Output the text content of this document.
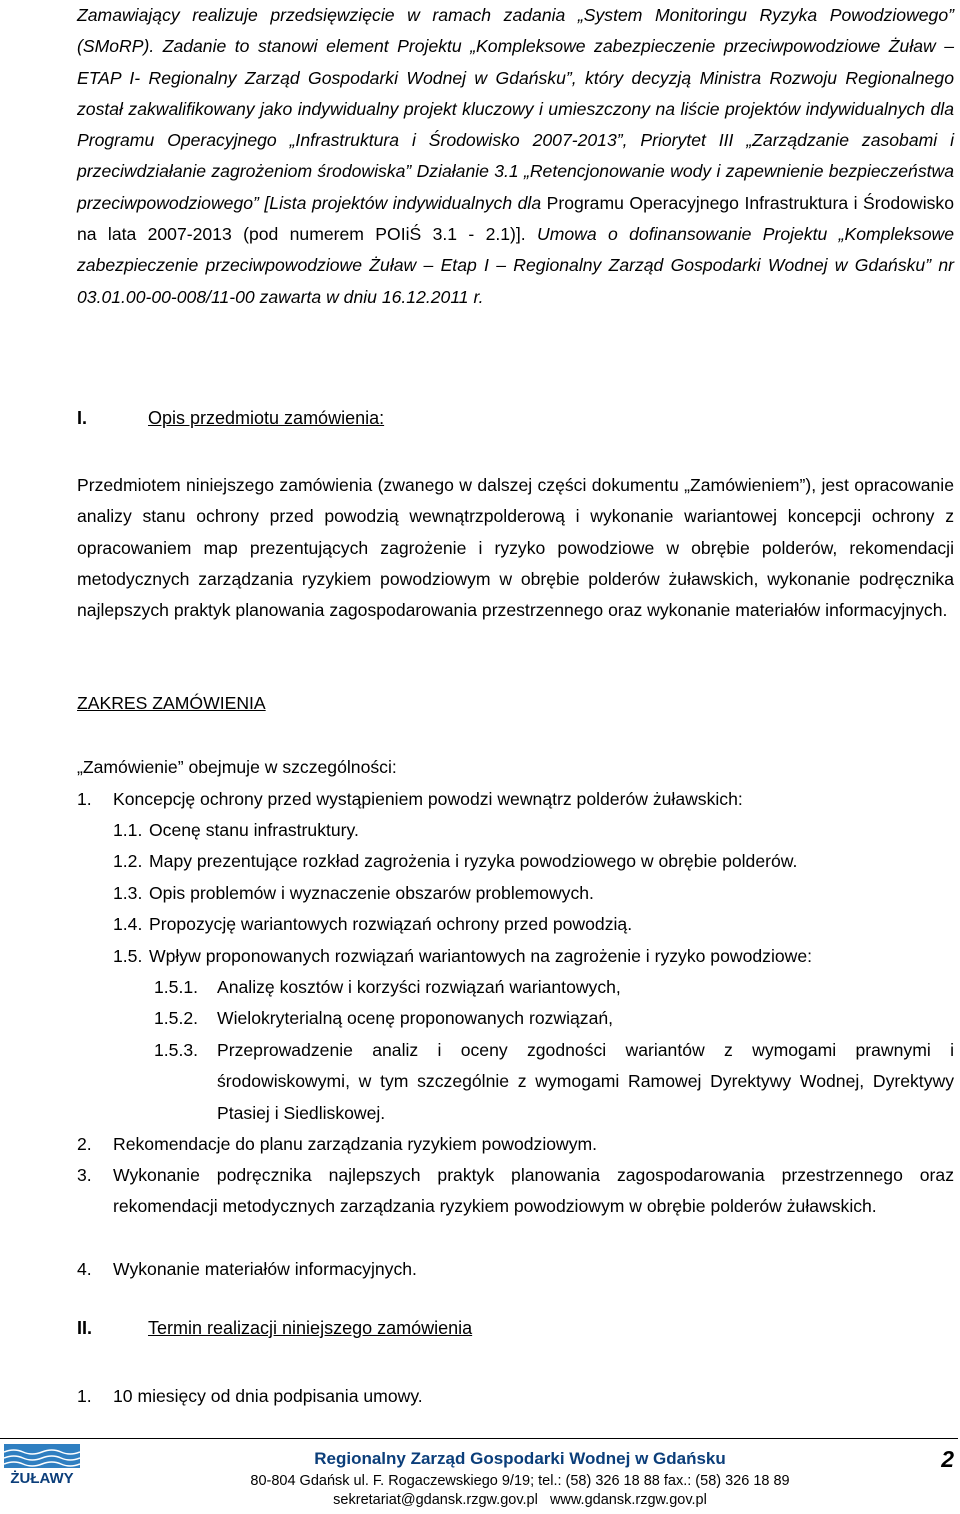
Zamawiający realizuje przedsięwzięcie w ramach zadania „System Monitoringu Ryzyka Powodziowego” (SMoRP). Zadanie to stanowi element Projektu „Kompleksowe zabezpieczenie przeciwpowodziowe Żuław – ETAP I- Regionalny Zarząd Gospodarki Wodnej w Gdańsku”, który decyzją Ministra Rozwoju Regionalnego został zakwalifikowany jako indywidualny projekt kluczowy i umieszczony na liście projektów indywidualnych dla Programu Operacyjnego „Infrastruktura i Środowisko 2007-2013”, Priorytet III „Zarządzanie zasobami i przeciwdziałanie zagrożeniom środowiska” Działanie 3.1 „Retencjonowanie wody i zapewnienie bezpieczeństwa przeciwpowodziowego” [Lista projektów indywidualnych dla Programu Operacyjnego Infrastruktura i Środowisko na lata 2007-2013 (pod numerem POIiŚ 3.1 - 2.1)]. Umowa o dofinansowanie Projektu „Kompleksowe zabezpieczenie przeciwpowodziowe Żuław – Etap I – Regionalny Zarząd Gospodarki Wodnej w Gdańsku” nr 03.01.00-00-008/11-00 zawarta w dniu 16.12.2011 r.

I.	Opis przedmiotu zamówienia:

Przedmiotem niniejszego zamówienia (zwanego w dalszej części dokumentu „Zamówieniem”), jest opracowanie analizy stanu ochrony przed powodzią wewnątrzpolderową i wykonanie wariantowej koncepcji ochrony z opracowaniem map prezentujących zagrożenie i ryzyko powodziowe w obrębie polderów, rekomendacji metodycznych zarządzania ryzykiem powodziowym w obrębie polderów żuławskich, wykonanie podręcznika najlepszych praktyk planowania zagospodarowania przestrzennego oraz wykonanie materiałów informacyjnych.

ZAKRES ZAMÓWIENIA
„Zamówienie” obejmuje w szczególności:
1. Koncepcję ochrony przed wystąpieniem powodzi wewnątrz polderów żuławskich:
1.1. Ocenę stanu infrastruktury.
1.2. Mapy prezentujące rozkład zagrożenia i ryzyka powodziowego w obrębie polderów.
1.3. Opis problemów i wyznaczenie obszarów problemowych.
1.4. Propozycję wariantowych rozwiązań ochrony przed powodzią.
1.5. Wpływ proponowanych rozwiązań wariantowych na zagrożenie i ryzyko powodziowe:
1.5.1. Analizę kosztów i korzyści rozwiązań wariantowych,
1.5.2. Wielokryterialną ocenę proponowanych rozwiązań,
1.5.3. Przeprowadzenie analiz i oceny zgodności wariantów z wymogami prawnymi i środowiskowymi, w tym szczególnie z wymogami Ramowej Dyrektywy Wodnej, Dyrektywy Ptasiej i Siedliskowej.
2. Rekomendacje do planu zarządzania ryzykiem powodziowym.
3. Wykonanie podręcznika najlepszych praktyk planowania zagospodarowania przestrzennego oraz rekomendacji metodycznych zarządzania ryzykiem powodziowym w obrębie polderów żuławskich.
4. Wykonanie materiałów informacyjnych.
II.	Termin realizacji niniejszego zamówienia
1. 10 miesięcy od dnia podpisania umowy.
ŻUŁAWY
Regionalny Zarząd Gospodarki Wodnej w Gdańsku
80-804 Gdańsk ul. F. Rogaczewskiego 9/19; tel.: (58) 326 18 88 fax.: (58) 326 18 89
sekretariat@gdansk.rzgw.gov.pl www.gdansk.rzgw.gov.pl
2
